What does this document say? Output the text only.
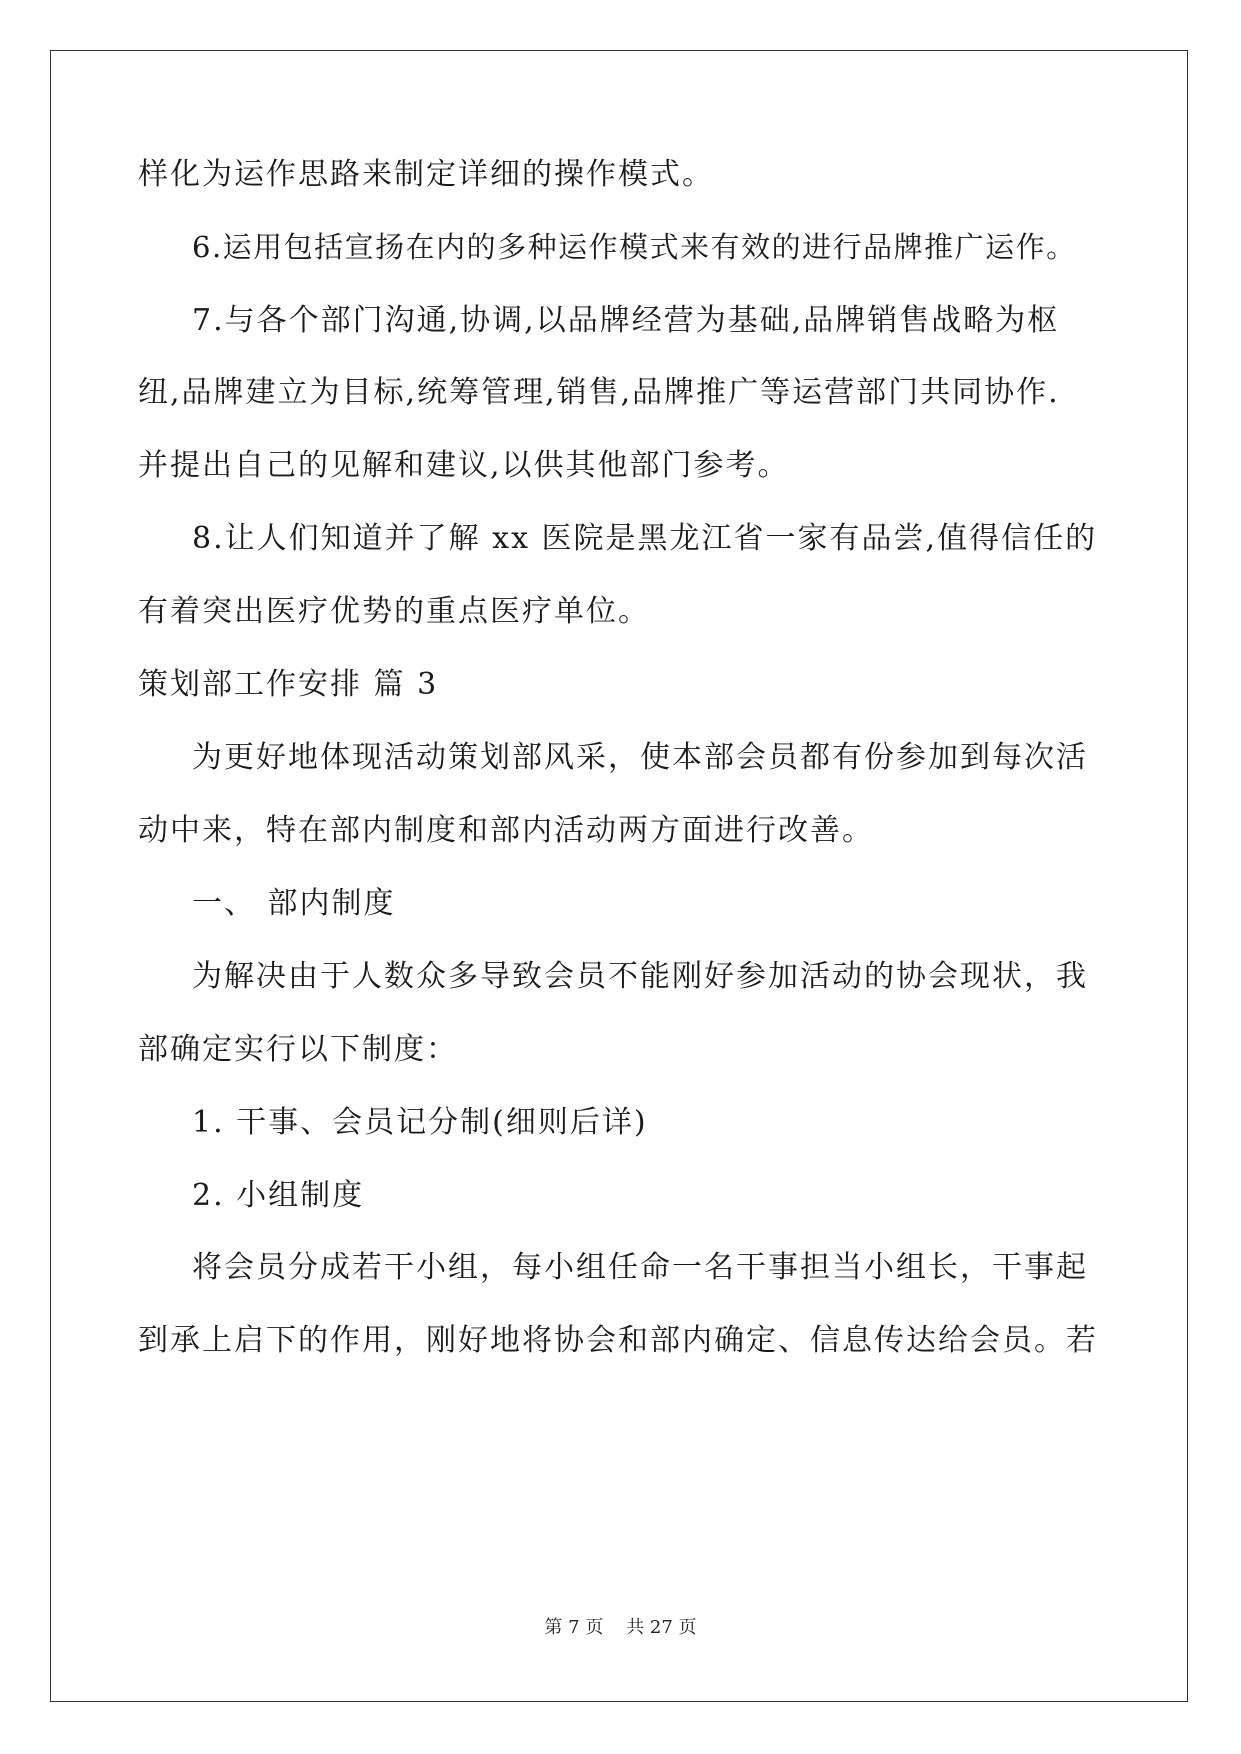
样化为运作思路来制定详细的操作模式。
6.运用包括宣扬在内的多种运作模式来有效的进行品牌推广运作。
7.与各个部门沟通,协调,以品牌经营为基础,品牌销售战略为枢
纽,品牌建立为目标,统筹管理,销售,品牌推广等运营部门共同协作.
并提出自己的见解和建议,以供其他部门参考。
8.让人们知道并了解 xx 医院是黑龙江省一家有品尝,值得信任的
有着突出医疗优势的重点医疗单位。
策划部工作安排 篇 3
为更好地体现活动策划部风采，使本部会员都有份参加到每次活
动中来，特在部内制度和部内活动两方面进行改善。
一、 部内制度
为解决由于人数众多导致会员不能刚好参加活动的协会现状，我
部确定实行以下制度：
1. 干事、会员记分制(细则后详)
2. 小组制度
将会员分成若干小组，每小组任命一名干事担当小组长，干事起
到承上启下的作用，刚好地将协会和部内确定、信息传达给会员。若
第 7 页    共 27 页
